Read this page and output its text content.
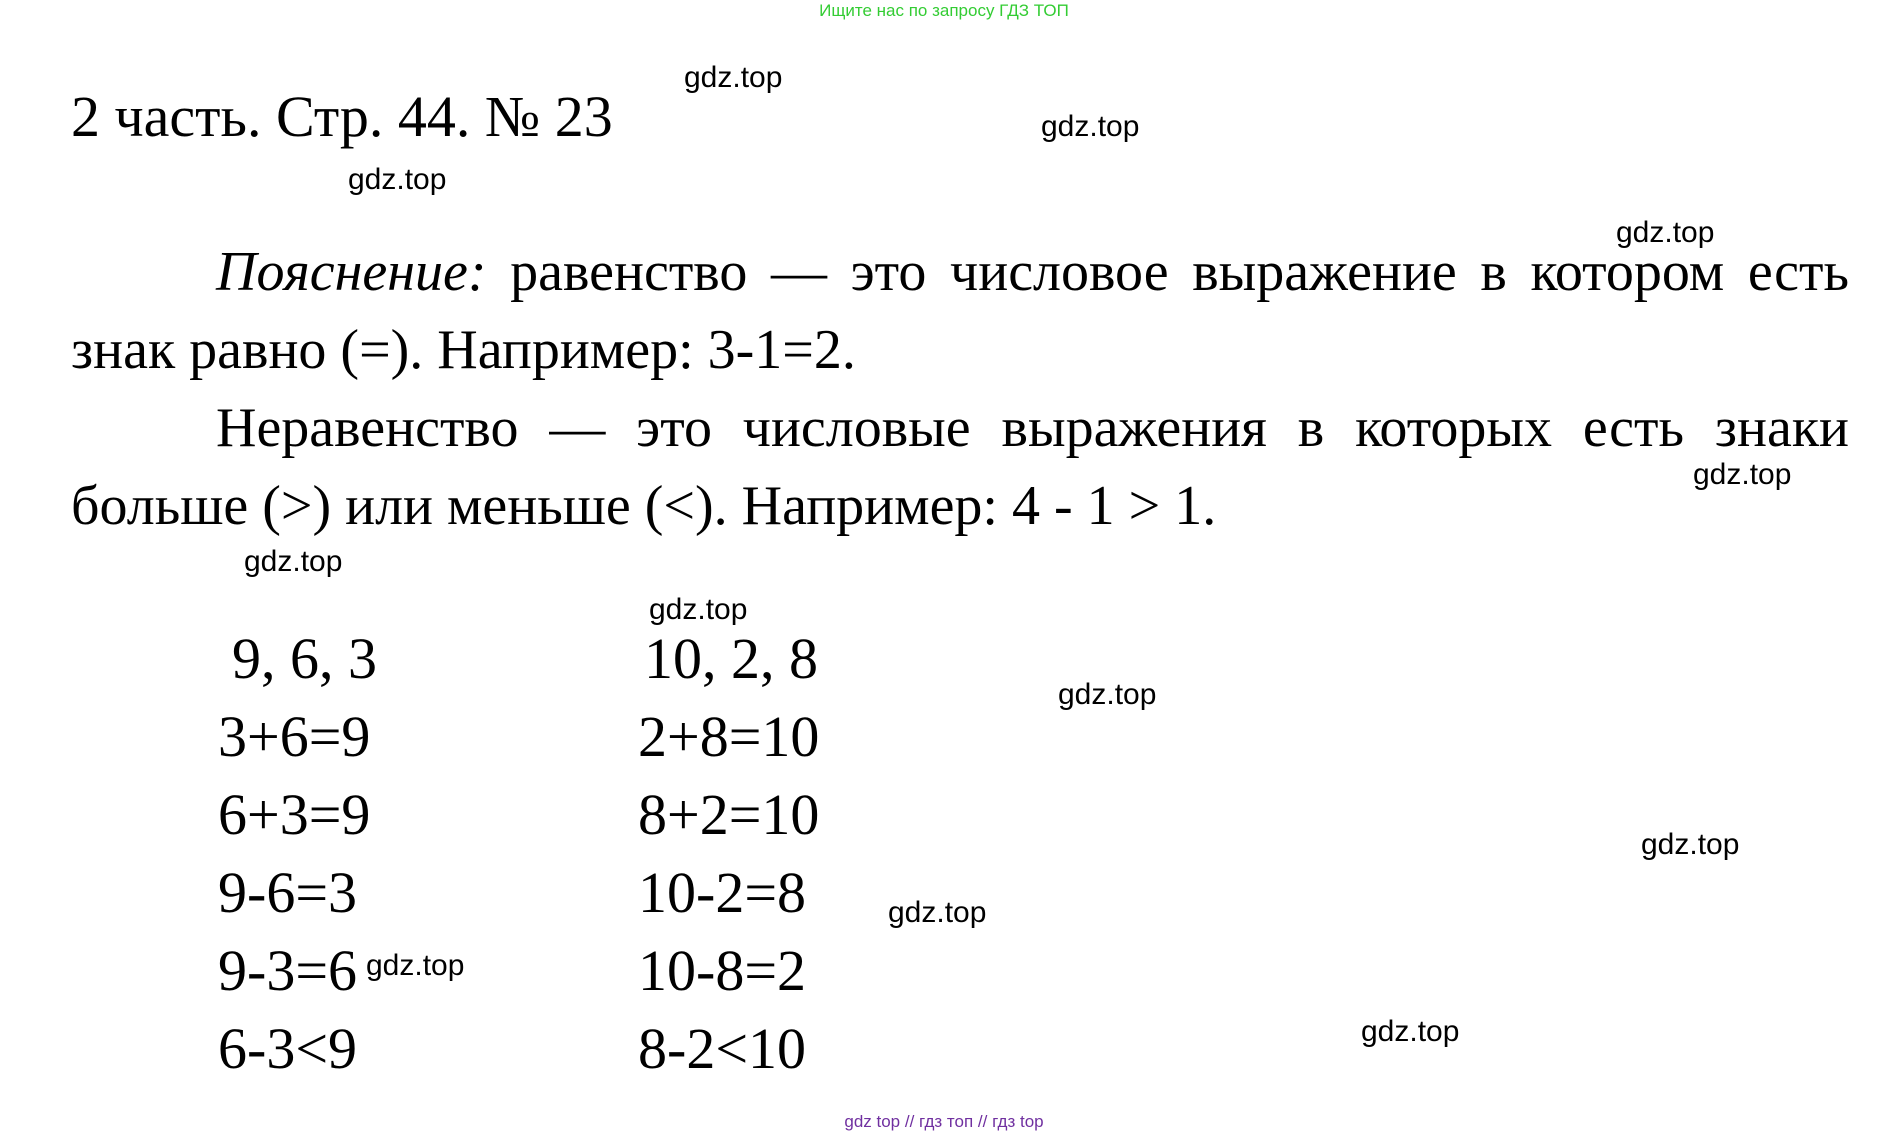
Ищите нас по запросу ГДЗ ТОП
2 часть. Стр. 44. № 23

Пояснение: равенство — это числовое выражение в котором есть знак равно (=). Например: 3-1=2.

Неравенство — это числовые выражения в которых есть знаки больше (>) или меньше (<). Например: 4 - 1 > 1.

9, 6, 3
3+6=9
6+3=9
9-6=3
9-3=6
6-3<9
10, 2, 8
2+8=10
8+2=10
10-2=8
10-8=2
8-2<10
gdz.top
gdz.top
gdz.top
gdz.top
gdz.top
gdz.top
gdz.top
gdz.top
gdz.top
gdz.top
gdz.top
gdz.top
gdz top // гдз топ // гдз top
